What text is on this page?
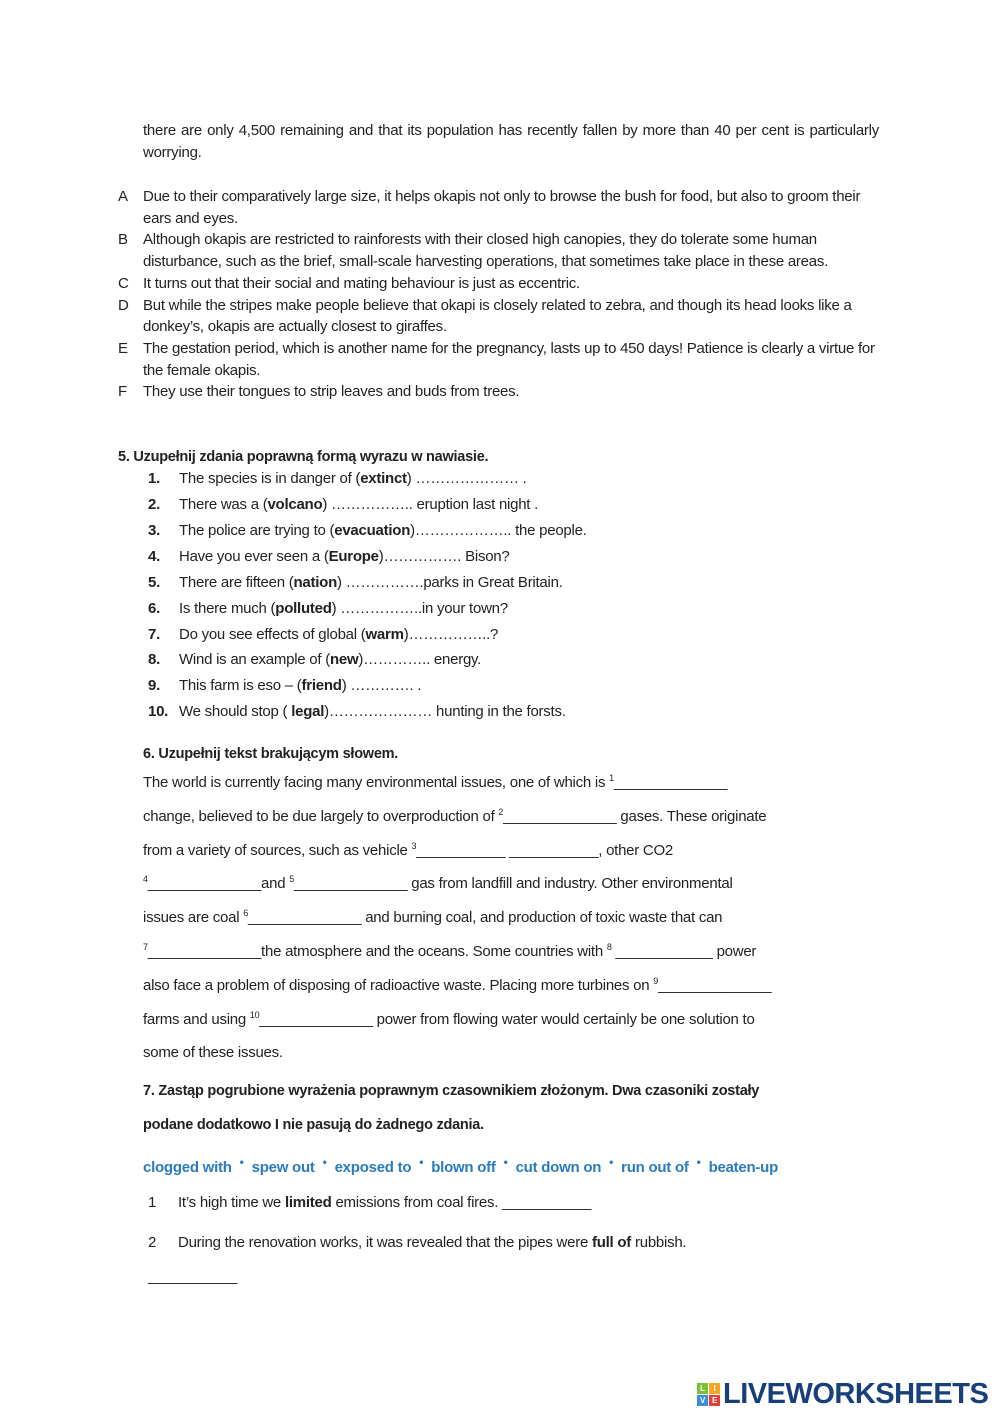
there are only 4,500 remaining and that its population has recently fallen by more than 40 per cent is particularly worrying.
A	Due to their comparatively large size, it helps okapis not only to browse the bush for food, but also to groom their ears and eyes.
B	Although okapis are restricted to rainforests with their closed high canopies, they do tolerate some human disturbance, such as the brief, small-scale harvesting operations, that sometimes take place in these areas.
C It turns out that their social and mating behaviour is just as eccentric.
D But while the stripes make people believe that okapi is closely related to zebra, and though its head looks like a donkey’s, okapis are actually closest to giraffes.
E	The gestation period, which is another name for the pregnancy, lasts up to 450 days! Patience is clearly a virtue for the female okapis.
F	They use their tongues to strip leaves and buds from trees.
5. Uzupełnij zdania poprawną formą wyrazu w nawiasie.
1. The species is in danger of (extinct) ………………… .
2. There was a (volcano) …………….. eruption last night .
3. The police are trying to (evacuation)……………….. the people.
4. Have you ever seen a (Europe)……………. Bison?
5. There are fifteen (nation) …………….parks in Great Britain.
6. Is there much (polluted) ……………..in your town?
7. Do you see effects of global (warm)……………..?
8. Wind is an example of (new)………….. energy.
9. This farm is eso – (friend) …………. .
10. We should stop ( legal)………………… hunting in the forsts.
6. Uzupełnij tekst brakującym słowem.
The world is currently facing many environmental issues, one of which is $^1$______________
change, believed to be due largely to overproduction of $^2$______________ gases. These originate
from a variety of sources, such as vehicle $^3$___________ ___________, other CO2
$^4$______________and $^5$______________ gas from landfill and industry. Other environmental
issues are coal $^6$______________ and burning coal, and production of toxic waste that can
$^7$______________the atmosphere and the oceans. Some countries with $^8$ ____________ power
also face a problem of disposing of radioactive waste. Placing more turbines on $^9$______________
farms and using $^{10}$______________ power from flowing water would certainly be one solution to
some of these issues.
7. Zastąp pogrubione wyrażenia poprawnym czasownikiem złożonym. Dwa czasoniki zostały
podane dodatkowo I nie pasują do żadnego zdania.
clogged with • spew out • exposed to • blown off • cut down on • run out of • beaten-up
1 It’s high time we limited emissions from coal fires. ___________
2 During the renovation works, it was revealed that the pipes were full of rubbish.
___________
L	I
V E LIVEWORKSHEETS
